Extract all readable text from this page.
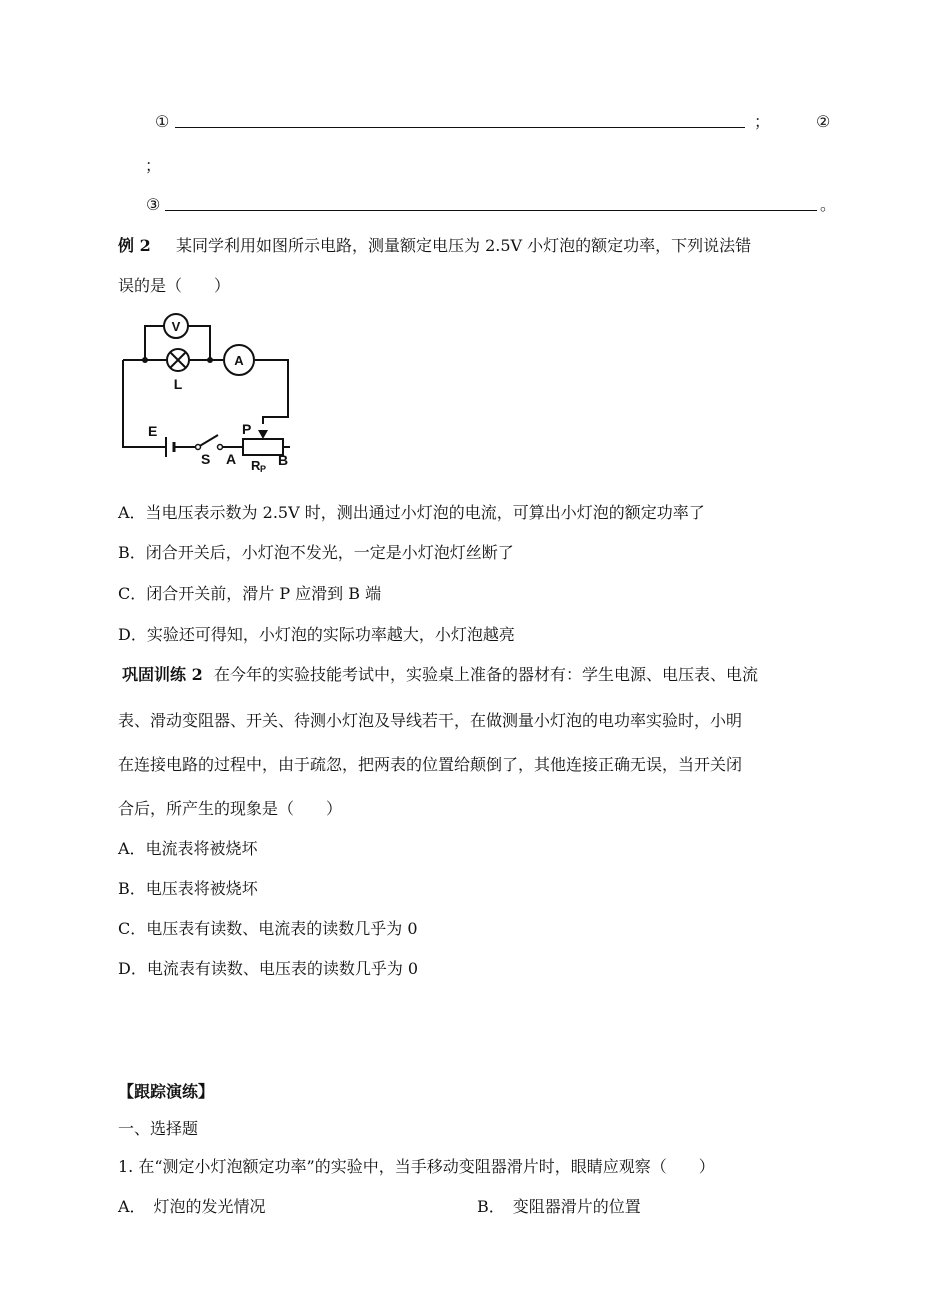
①	；	②
；
③	。
例 2 某同学利用如图所示电路，测量额定电压为 2.5V 小灯泡的额定功率，下列说法错
误的是（　　）
V
A
L
E
S
P
A	B
R P
A．当电压表示数为 2.5V 时，测出通过小灯泡的电流，可算出小灯泡的额定功率了
B．闭合开关后，小灯泡不发光，一定是小灯泡灯丝断了
C．闭合开关前，滑片 P 应滑到 B 端
D．实验还可得知，小灯泡的实际功率越大，小灯泡越亮
巩固训练 2 在今年的实验技能考试中，实验桌上准备的器材有：学生电源、电压表、电流
表、滑动变阻器、开关、待测小灯泡及导线若干，在做测量小灯泡的电功率实验时，小明
在连接电路的过程中，由于疏忽，把两表的位置给颠倒了，其他连接正确无误，当开关闭
合后，所产生的现象是（　　）
A．电流表将被烧坏
B．电压表将被烧坏
C．电压表有读数、电流表的读数几乎为 0
D．电流表有读数、电压表的读数几乎为 0
【跟踪演练】
一、选择题
1. 在“测定小灯泡额定功率”的实验中，当手移动变阻器滑片时，眼睛应观察（　　）
A．　灯泡的发光情况	B．　变阻器滑片的位置
